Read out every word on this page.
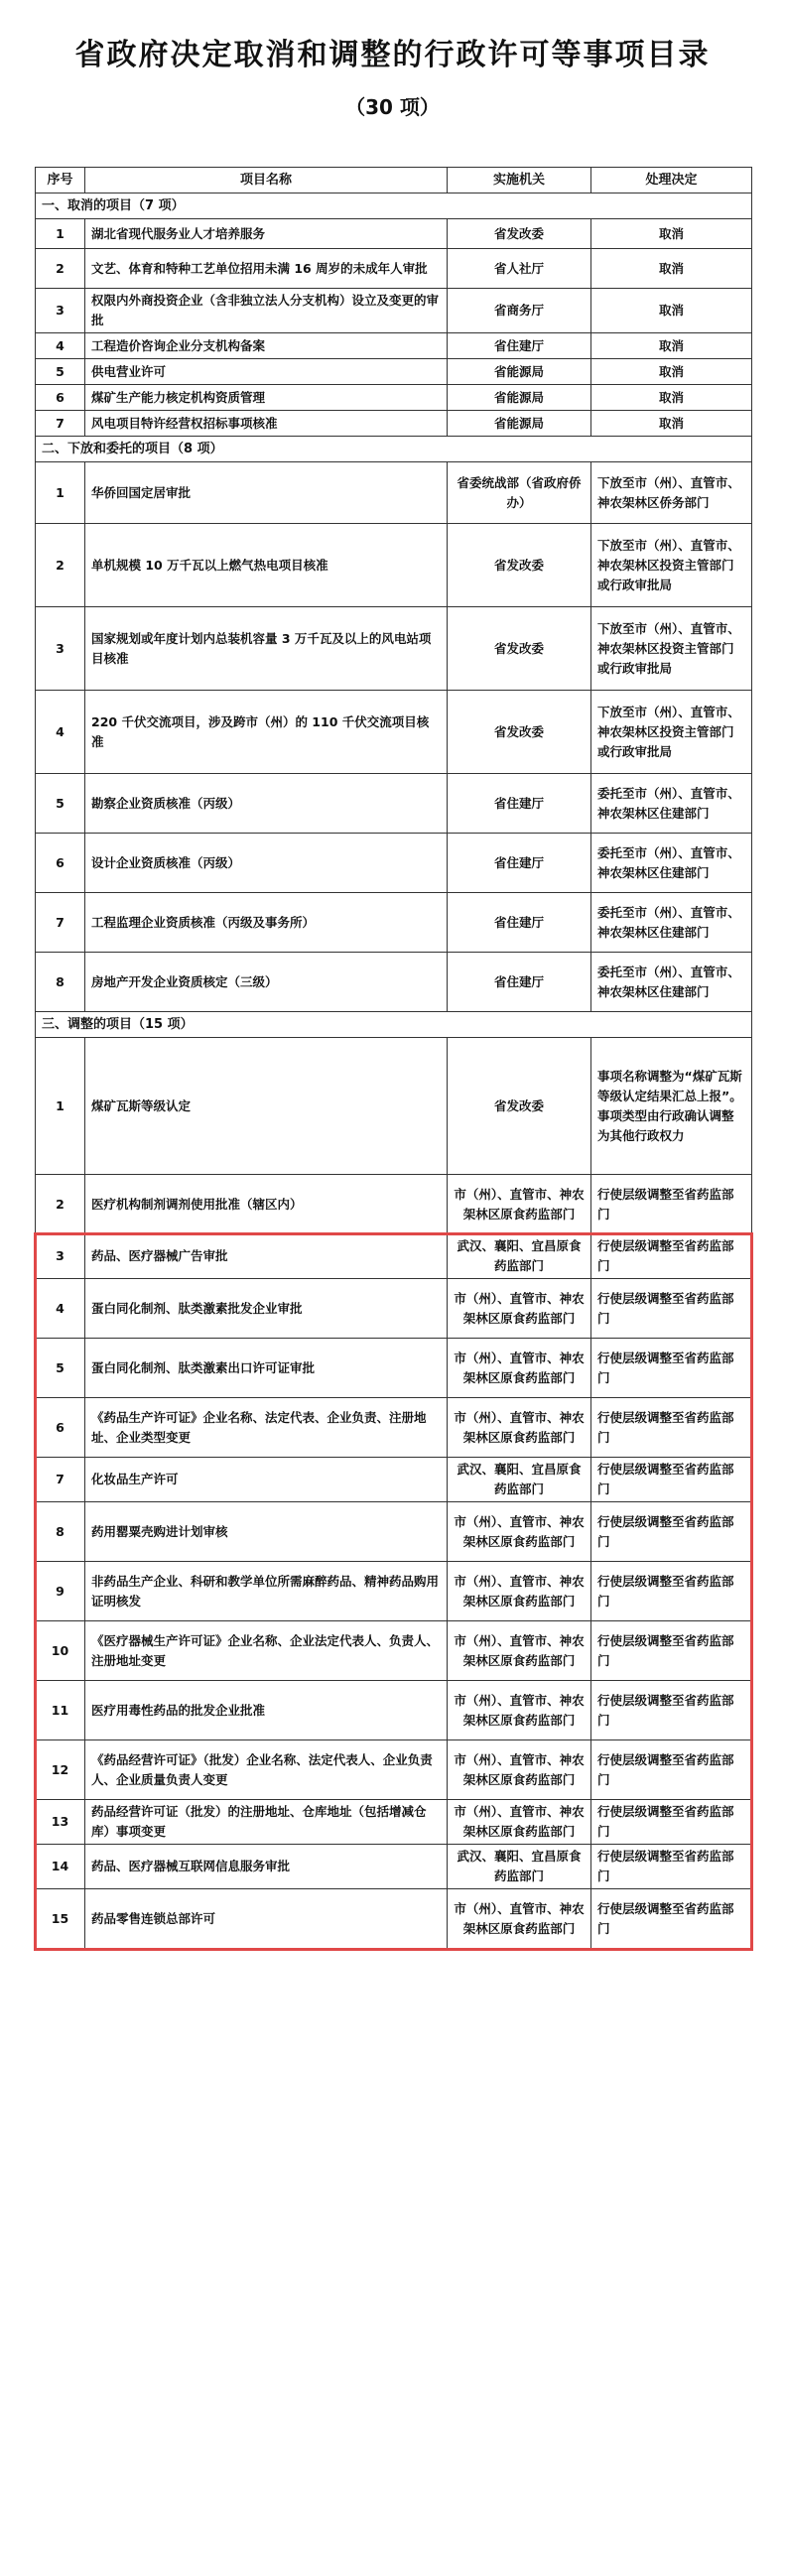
省政府决定取消和调整的行政许可等事项目录
（30 项）
序号	项目名称	实施机关	处理决定
一、取消的项目（7 项）			
1	湖北省现代服务业人才培养服务	省发改委	取消
2	文艺、体育和特种工艺单位招用未满 16 周岁的未成年人审批	省人社厅	取消
3	权限内外商投资企业（含非独立法人分支机构）设立及变更的审批	省商务厅	取消
4	工程造价咨询企业分支机构备案	省住建厅	取消
5	供电营业许可	省能源局	取消
6	煤矿生产能力核定机构资质管理	省能源局	取消
7	风电项目特许经营权招标事项核准	省能源局	取消
二、下放和委托的项目（8 项）			
1	华侨回国定居审批	省委统战部（省政府侨办）	下放至市（州）、直管市、神农架林区侨务部门
2	单机规模 10 万千瓦以上燃气热电项目核准	省发改委	下放至市（州）、直管市、神农架林区投资主管部门或行政审批局
3	国家规划或年度计划内总装机容量 3 万千瓦及以上的风电站项目核准	省发改委	下放至市（州）、直管市、神农架林区投资主管部门或行政审批局
4	220 千伏交流项目，涉及跨市（州）的 110 千伏交流项目核准	省发改委	下放至市（州）、直管市、神农架林区投资主管部门或行政审批局
5	勘察企业资质核准（丙级）	省住建厅	委托至市（州）、直管市、神农架林区住建部门
6	设计企业资质核准（丙级）	省住建厅	委托至市（州）、直管市、神农架林区住建部门
7	工程监理企业资质核准（丙级及事务所）	省住建厅	委托至市（州）、直管市、神农架林区住建部门
8	房地产开发企业资质核定（三级）	省住建厅	委托至市（州）、直管市、神农架林区住建部门
三、调整的项目（15 项）			
1	煤矿瓦斯等级认定	省发改委	事项名称调整为“煤矿瓦斯等级认定结果汇总上报”。事项类型由行政确认调整为其他行政权力
2	医疗机构制剂调剂使用批准（辖区内）	市（州）、直管市、神农架林区原食药监部门	行使层级调整至省药监部门
3	药品、医疗器械广告审批	武汉、襄阳、宜昌原食药监部门	行使层级调整至省药监部门
4	蛋白同化制剂、肽类激素批发企业审批	市（州）、直管市、神农架林区原食药监部门	行使层级调整至省药监部门
5	蛋白同化制剂、肽类激素出口许可证审批	市（州）、直管市、神农架林区原食药监部门	行使层级调整至省药监部门
6	《药品生产许可证》企业名称、法定代表、企业负责、注册地址、企业类型变更	市（州）、直管市、神农架林区原食药监部门	行使层级调整至省药监部门
7	化妆品生产许可	武汉、襄阳、宜昌原食药监部门	行使层级调整至省药监部门
8	药用罂粟壳购进计划审核	市（州）、直管市、神农架林区原食药监部门	行使层级调整至省药监部门
9	非药品生产企业、科研和教学单位所需麻醉药品、精神药品购用证明核发	市（州）、直管市、神农架林区原食药监部门	行使层级调整至省药监部门
10	《医疗器械生产许可证》企业名称、企业法定代表人、负责人、注册地址变更	市（州）、直管市、神农架林区原食药监部门	行使层级调整至省药监部门
11	医疗用毒性药品的批发企业批准	市（州）、直管市、神农架林区原食药监部门	行使层级调整至省药监部门
12	《药品经营许可证》（批发）企业名称、法定代表人、企业负责人、企业质量负责人变更	市（州）、直管市、神农架林区原食药监部门	行使层级调整至省药监部门
13	药品经营许可证（批发）的注册地址、仓库地址（包括增减仓库）事项变更	市（州）、直管市、神农架林区原食药监部门	行使层级调整至省药监部门
14	药品、医疗器械互联网信息服务审批	武汉、襄阳、宜昌原食药监部门	行使层级调整至省药监部门
15	药品零售连锁总部许可	市（州）、直管市、神农架林区原食药监部门	行使层级调整至省药监部门
